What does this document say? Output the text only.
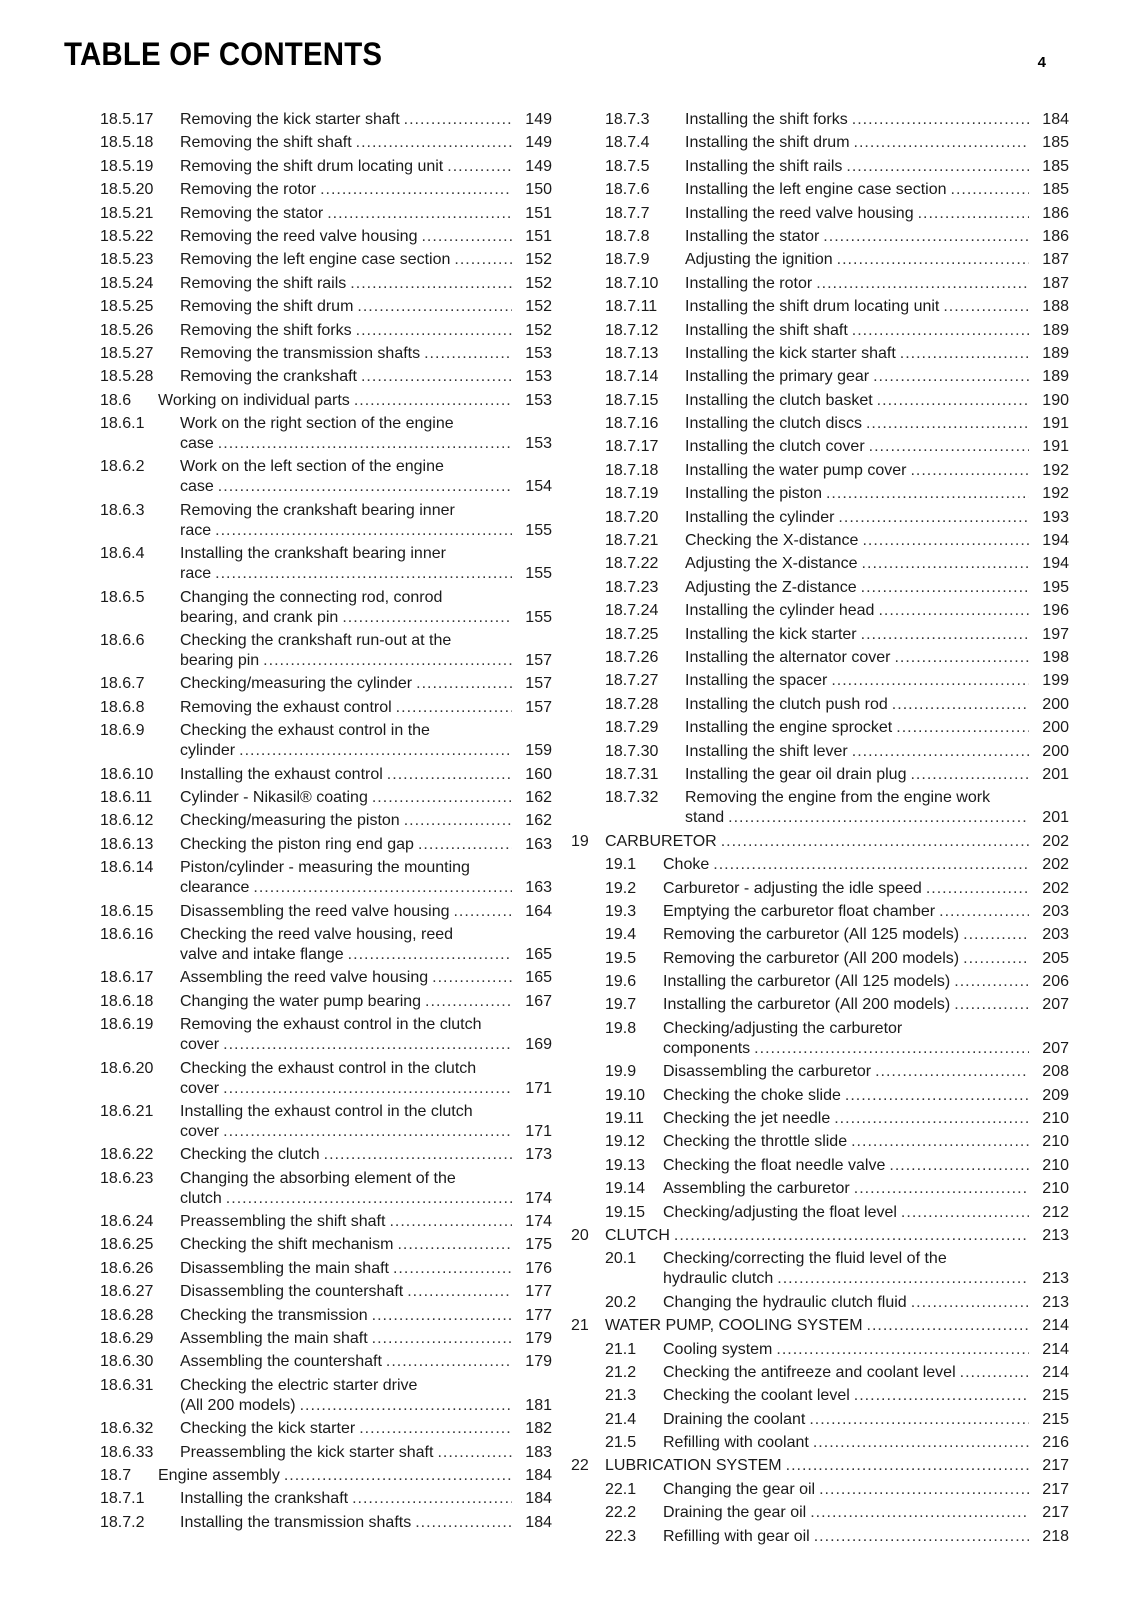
TABLE OF CONTENTS	4
18.5.17 Removing the kick starter shaft .....	149
18.5.18 Removing the shift shaft .....	149
18.5.19 Removing the shift drum locating unit .....	149
18.5.20 Removing the rotor .....	150
18.5.21 Removing the stator .....	151
18.5.22 Removing the reed valve housing .....	151
18.5.23 Removing the left engine case section .....	152
18.5.24 Removing the shift rails .....	152
18.5.25 Removing the shift drum .....	152
18.5.26 Removing the shift forks .....	152
18.5.27 Removing the transmission shafts .....	153
18.5.28 Removing the crankshaft .....	153
18.6 Working on individual parts .....	153
18.6.1 Work on the right section of the engine
case .....	153
18.6.2 Work on the left section of the engine
case .....	154
18.6.3 Removing the crankshaft bearing inner
race .....	155
18.6.4 Installing the crankshaft bearing inner
race .....	155
18.6.5 Changing the connecting rod, conrod
bearing, and crank pin .....	155
18.6.6 Checking the crankshaft run-out at the
bearing pin .....	157
18.6.7 Checking/measuring the cylinder .....	157
18.6.8 Removing the exhaust control .....	157
18.6.9 Checking the exhaust control in the
cylinder .....	159
18.6.10 Installing the exhaust control .....	160
18.6.11 Cylinder - Nikasil® coating .....	162
18.6.12 Checking/measuring the piston .....	162
18.6.13 Checking the piston ring end gap .....	163
18.6.14 Piston/cylinder - measuring the mounting
clearance .....	163
18.6.15 Disassembling the reed valve housing .....	164
18.6.16 Checking the reed valve housing, reed
valve and intake flange .....	165
18.6.17 Assembling the reed valve housing .....	165
18.6.18 Changing the water pump bearing .....	167
18.6.19 Removing the exhaust control in the clutch
cover .....	169
18.6.20 Checking the exhaust control in the clutch
cover .....	171
18.6.21 Installing the exhaust control in the clutch
cover .....	171
18.6.22 Checking the clutch .....	173
18.6.23 Changing the absorbing element of the
clutch .....	174
18.6.24 Preassembling the shift shaft .....	174
18.6.25 Checking the shift mechanism .....	175
18.6.26 Disassembling the main shaft .....	176
18.6.27 Disassembling the countershaft .....	177
18.6.28 Checking the transmission .....	177
18.6.29 Assembling the main shaft .....	179
18.6.30 Assembling the countershaft .....	179
18.6.31 Checking the electric starter drive
(All 200 models) .....	181
18.6.32 Checking the kick starter .....	182
18.6.33 Preassembling the kick starter shaft .....	183
18.7 Engine assembly .....	184
18.7.1 Installing the crankshaft .....	184
18.7.2 Installing the transmission shafts .....	184
18.7.3 Installing the shift forks .....	184
18.7.4 Installing the shift drum .....	185
18.7.5 Installing the shift rails .....	185
18.7.6 Installing the left engine case section .....	185
18.7.7 Installing the reed valve housing .....	186
18.7.8 Installing the stator .....	186
18.7.9 Adjusting the ignition .....	187
18.7.10 Installing the rotor .....	187
18.7.11 Installing the shift drum locating unit .....	188
18.7.12 Installing the shift shaft .....	189
18.7.13 Installing the kick starter shaft .....	189
18.7.14 Installing the primary gear .....	189
18.7.15 Installing the clutch basket .....	190
18.7.16 Installing the clutch discs .....	191
18.7.17 Installing the clutch cover .....	191
18.7.18 Installing the water pump cover .....	192
18.7.19 Installing the piston .....	192
18.7.20 Installing the cylinder .....	193
18.7.21 Checking the X-distance .....	194
18.7.22 Adjusting the X-distance .....	194
18.7.23 Adjusting the Z-distance .....	195
18.7.24 Installing the cylinder head .....	196
18.7.25 Installing the kick starter .....	197
18.7.26 Installing the alternator cover .....	198
18.7.27 Installing the spacer .....	199
18.7.28 Installing the clutch push rod .....	200
18.7.29 Installing the engine sprocket .....	200
18.7.30 Installing the shift lever .....	200
18.7.31 Installing the gear oil drain plug .....	201
18.7.32 Removing the engine from the engine work
stand .....	201
19 CARBURETOR .....	202
19.1 Choke .....	202
19.2 Carburetor - adjusting the idle speed .....	202
19.3 Emptying the carburetor float chamber .....	203
19.4 Removing the carburetor (All 125 models) .....	203
19.5 Removing the carburetor (All 200 models) .....	205
19.6 Installing the carburetor (All 125 models) .....	206
19.7 Installing the carburetor (All 200 models) .....	207
19.8 Checking/adjusting the carburetor
components .....	207
19.9 Disassembling the carburetor .....	208
19.10 Checking the choke slide .....	209
19.11 Checking the jet needle .....	210
19.12 Checking the throttle slide .....	210
19.13 Checking the float needle valve .....	210
19.14 Assembling the carburetor .....	210
19.15 Checking/adjusting the float level .....	212
20 CLUTCH .....	213
20.1 Checking/correcting the fluid level of the
hydraulic clutch .....	213
20.2 Changing the hydraulic clutch fluid .....	213
21 WATER PUMP, COOLING SYSTEM .....	214
21.1 Cooling system .....	214
21.2 Checking the antifreeze and coolant level .....	214
21.3 Checking the coolant level .....	215
21.4 Draining the coolant .....	215
21.5 Refilling with coolant .....	216
22 LUBRICATION SYSTEM .....	217
22.1 Changing the gear oil .....	217
22.2 Draining the gear oil .....	217
22.3 Refilling with gear oil .....	218
